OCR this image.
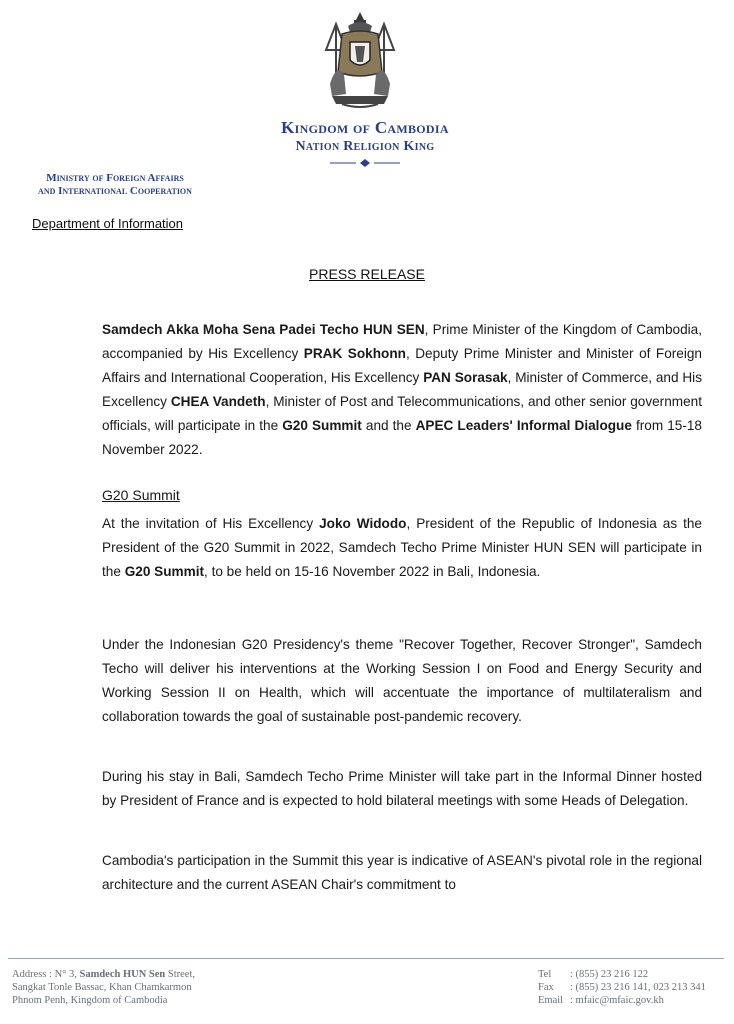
Kingdom of Cambodia
Nation Religion King
Ministry of Foreign Affairs
and International Cooperation
Department of Information
PRESS RELEASE
Samdech Akka Moha Sena Padei Techo HUN SEN, Prime Minister of the Kingdom of Cambodia, accompanied by His Excellency PRAK Sokhonn, Deputy Prime Minister and Minister of Foreign Affairs and International Cooperation, His Excellency PAN Sorasak, Minister of Commerce, and His Excellency CHEA Vandeth, Minister of Post and Telecommunications, and other senior government officials, will participate in the G20 Summit and the APEC Leaders' Informal Dialogue from 15-18 November 2022.
G20 Summit
At the invitation of His Excellency Joko Widodo, President of the Republic of Indonesia as the President of the G20 Summit in 2022, Samdech Techo Prime Minister HUN SEN will participate in the G20 Summit, to be held on 15-16 November 2022 in Bali, Indonesia.
Under the Indonesian G20 Presidency's theme "Recover Together, Recover Stronger", Samdech Techo will deliver his interventions at the Working Session I on Food and Energy Security and Working Session II on Health, which will accentuate the importance of multilateralism and collaboration towards the goal of sustainable post-pandemic recovery.
During his stay in Bali, Samdech Techo Prime Minister will take part in the Informal Dinner hosted by President of France and is expected to hold bilateral meetings with some Heads of Delegation.
Cambodia's participation in the Summit this year is indicative of ASEAN's pivotal role in the regional architecture and the current ASEAN Chair's commitment to
Address : N° 3, Samdech HUN Sen Street,
Sangkat Tonle Bassac, Khan Chamkarmon
Phnom Penh, Kingdom of Cambodia
Tel : (855) 23 216 122
Fax : (855) 23 216 141, 023 213 341
Email : mfaic@mfaic.gov.kh
